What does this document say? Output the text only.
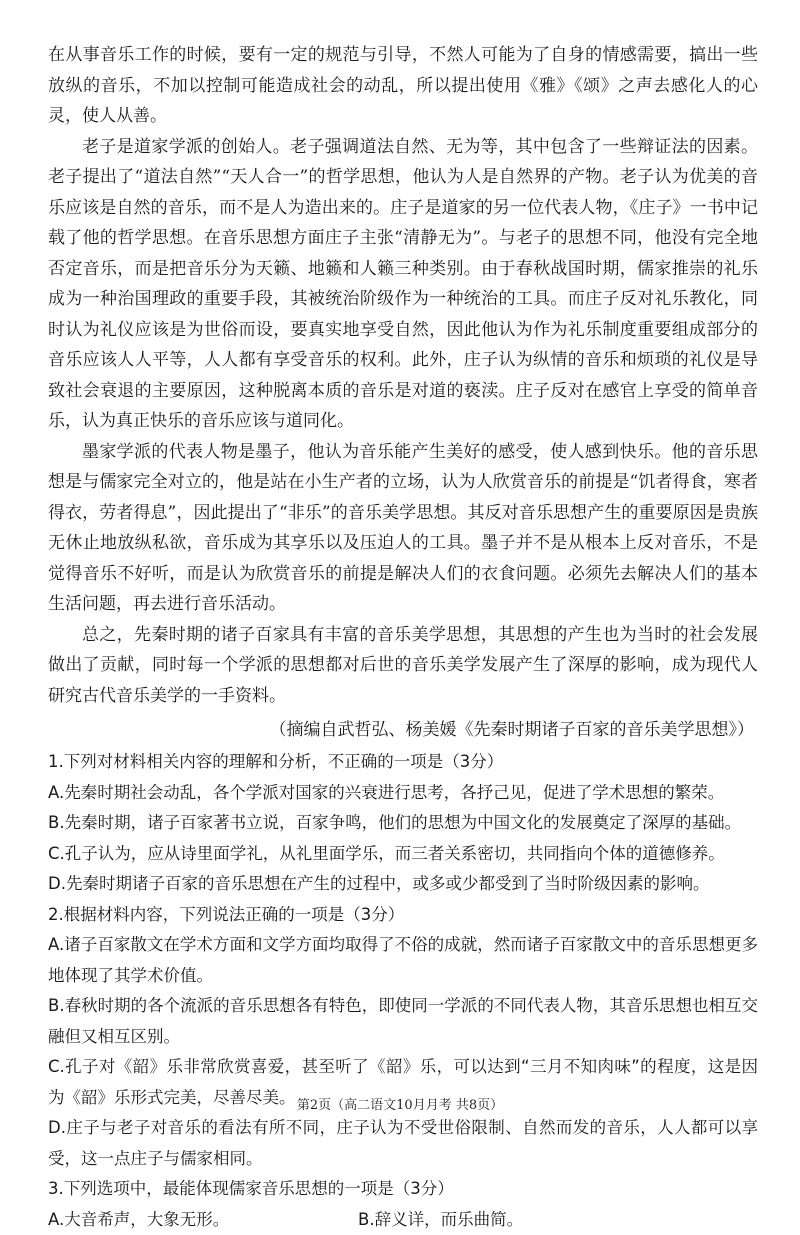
在从事音乐工作的时候，要有一定的规范与引导，不然人可能为了自身的情感需要，搞出一些放纵的音乐，不加以控制可能造成社会的动乱，所以提出使用《雅》《颂》之声去感化人的心灵，使人从善。

老子是道家学派的创始人。老子强调道法自然、无为等，其中包含了一些辩证法的因素。老子提出了“道法自然”“天人合一”的哲学思想，他认为人是自然界的产物。老子认为优美的音乐应该是自然的音乐，而不是人为造出来的。庄子是道家的另一位代表人物，《庄子》一书中记载了他的哲学思想。在音乐思想方面庄子主张“清静无为”。与老子的思想不同，他没有完全地否定音乐，而是把音乐分为天籁、地籁和人籁三种类别。由于春秋战国时期，儒家推崇的礼乐成为一种治国理政的重要手段，其被统治阶级作为一种统治的工具。而庄子反对礼乐教化，同时认为礼仪应该是为世俗而设，要真实地享受自然，因此他认为作为礼乐制度重要组成部分的音乐应该人人平等，人人都有享受音乐的权利。此外，庄子认为纵情的音乐和烦琐的礼仪是导致社会衰退的主要原因，这种脱离本质的音乐是对道的亵渎。庄子反对在感官上享受的简单音乐，认为真正快乐的音乐应该与道同化。

墨家学派的代表人物是墨子，他认为音乐能产生美好的感受，使人感到快乐。他的音乐思想是与儒家完全对立的，他是站在小生产者的立场，认为人欣赏音乐的前提是“饥者得食，寒者得衣，劳者得息”，因此提出了“非乐”的音乐美学思想。其反对音乐思想产生的重要原因是贵族无休止地放纵私欲，音乐成为其享乐以及压迫人的工具。墨子并不是从根本上反对音乐，不是觉得音乐不好听，而是认为欣赏音乐的前提是解决人们的衣食问题。必须先去解决人们的基本生活问题，再去进行音乐活动。

总之，先秦时期的诸子百家具有丰富的音乐美学思想，其思想的产生也为当时的社会发展做出了贡献，同时每一个学派的思想都对后世的音乐美学发展产生了深厚的影响，成为现代人研究古代音乐美学的一手资料。

（摘编自武哲弘、杨美媛《先秦时期诸子百家的音乐美学思想》）

1.下列对材料相关内容的理解和分析，不正确的一项是（3分）

A.先秦时期社会动乱，各个学派对国家的兴衰进行思考，各抒己见，促进了学术思想的繁荣。

B.先秦时期，诸子百家著书立说，百家争鸣，他们的思想为中国文化的发展奠定了深厚的基础。

C.孔子认为，应从诗里面学礼，从礼里面学乐，而三者关系密切，共同指向个体的道德修养。

D.先秦时期诸子百家的音乐思想在产生的过程中，或多或少都受到了当时阶级因素的影响。

2.根据材料内容，下列说法正确的一项是（3分）

A.诸子百家散文在学术方面和文学方面均取得了不俗的成就，然而诸子百家散文中的音乐思想更多地体现了其学术价值。

B.春秋时期的各个流派的音乐思想各有特色，即使同一学派的不同代表人物，其音乐思想也相互交融但又相互区别。

C.孔子对《韶》乐非常欣赏喜爱，甚至听了《韶》乐，可以达到“三月不知肉味”的程度，这是因为《韶》乐形式完美，尽善尽美。

D.庄子与老子对音乐的看法有所不同，庄子认为不受世俗限制、自然而发的音乐，人人都可以享受，这一点庄子与儒家相同。

3.下列选项中，最能体现儒家音乐思想的一项是（3分）

A.大音希声，大象无形。	B.辞义详，而乐曲简。

第2页（高二语文10月月考 共8页）
